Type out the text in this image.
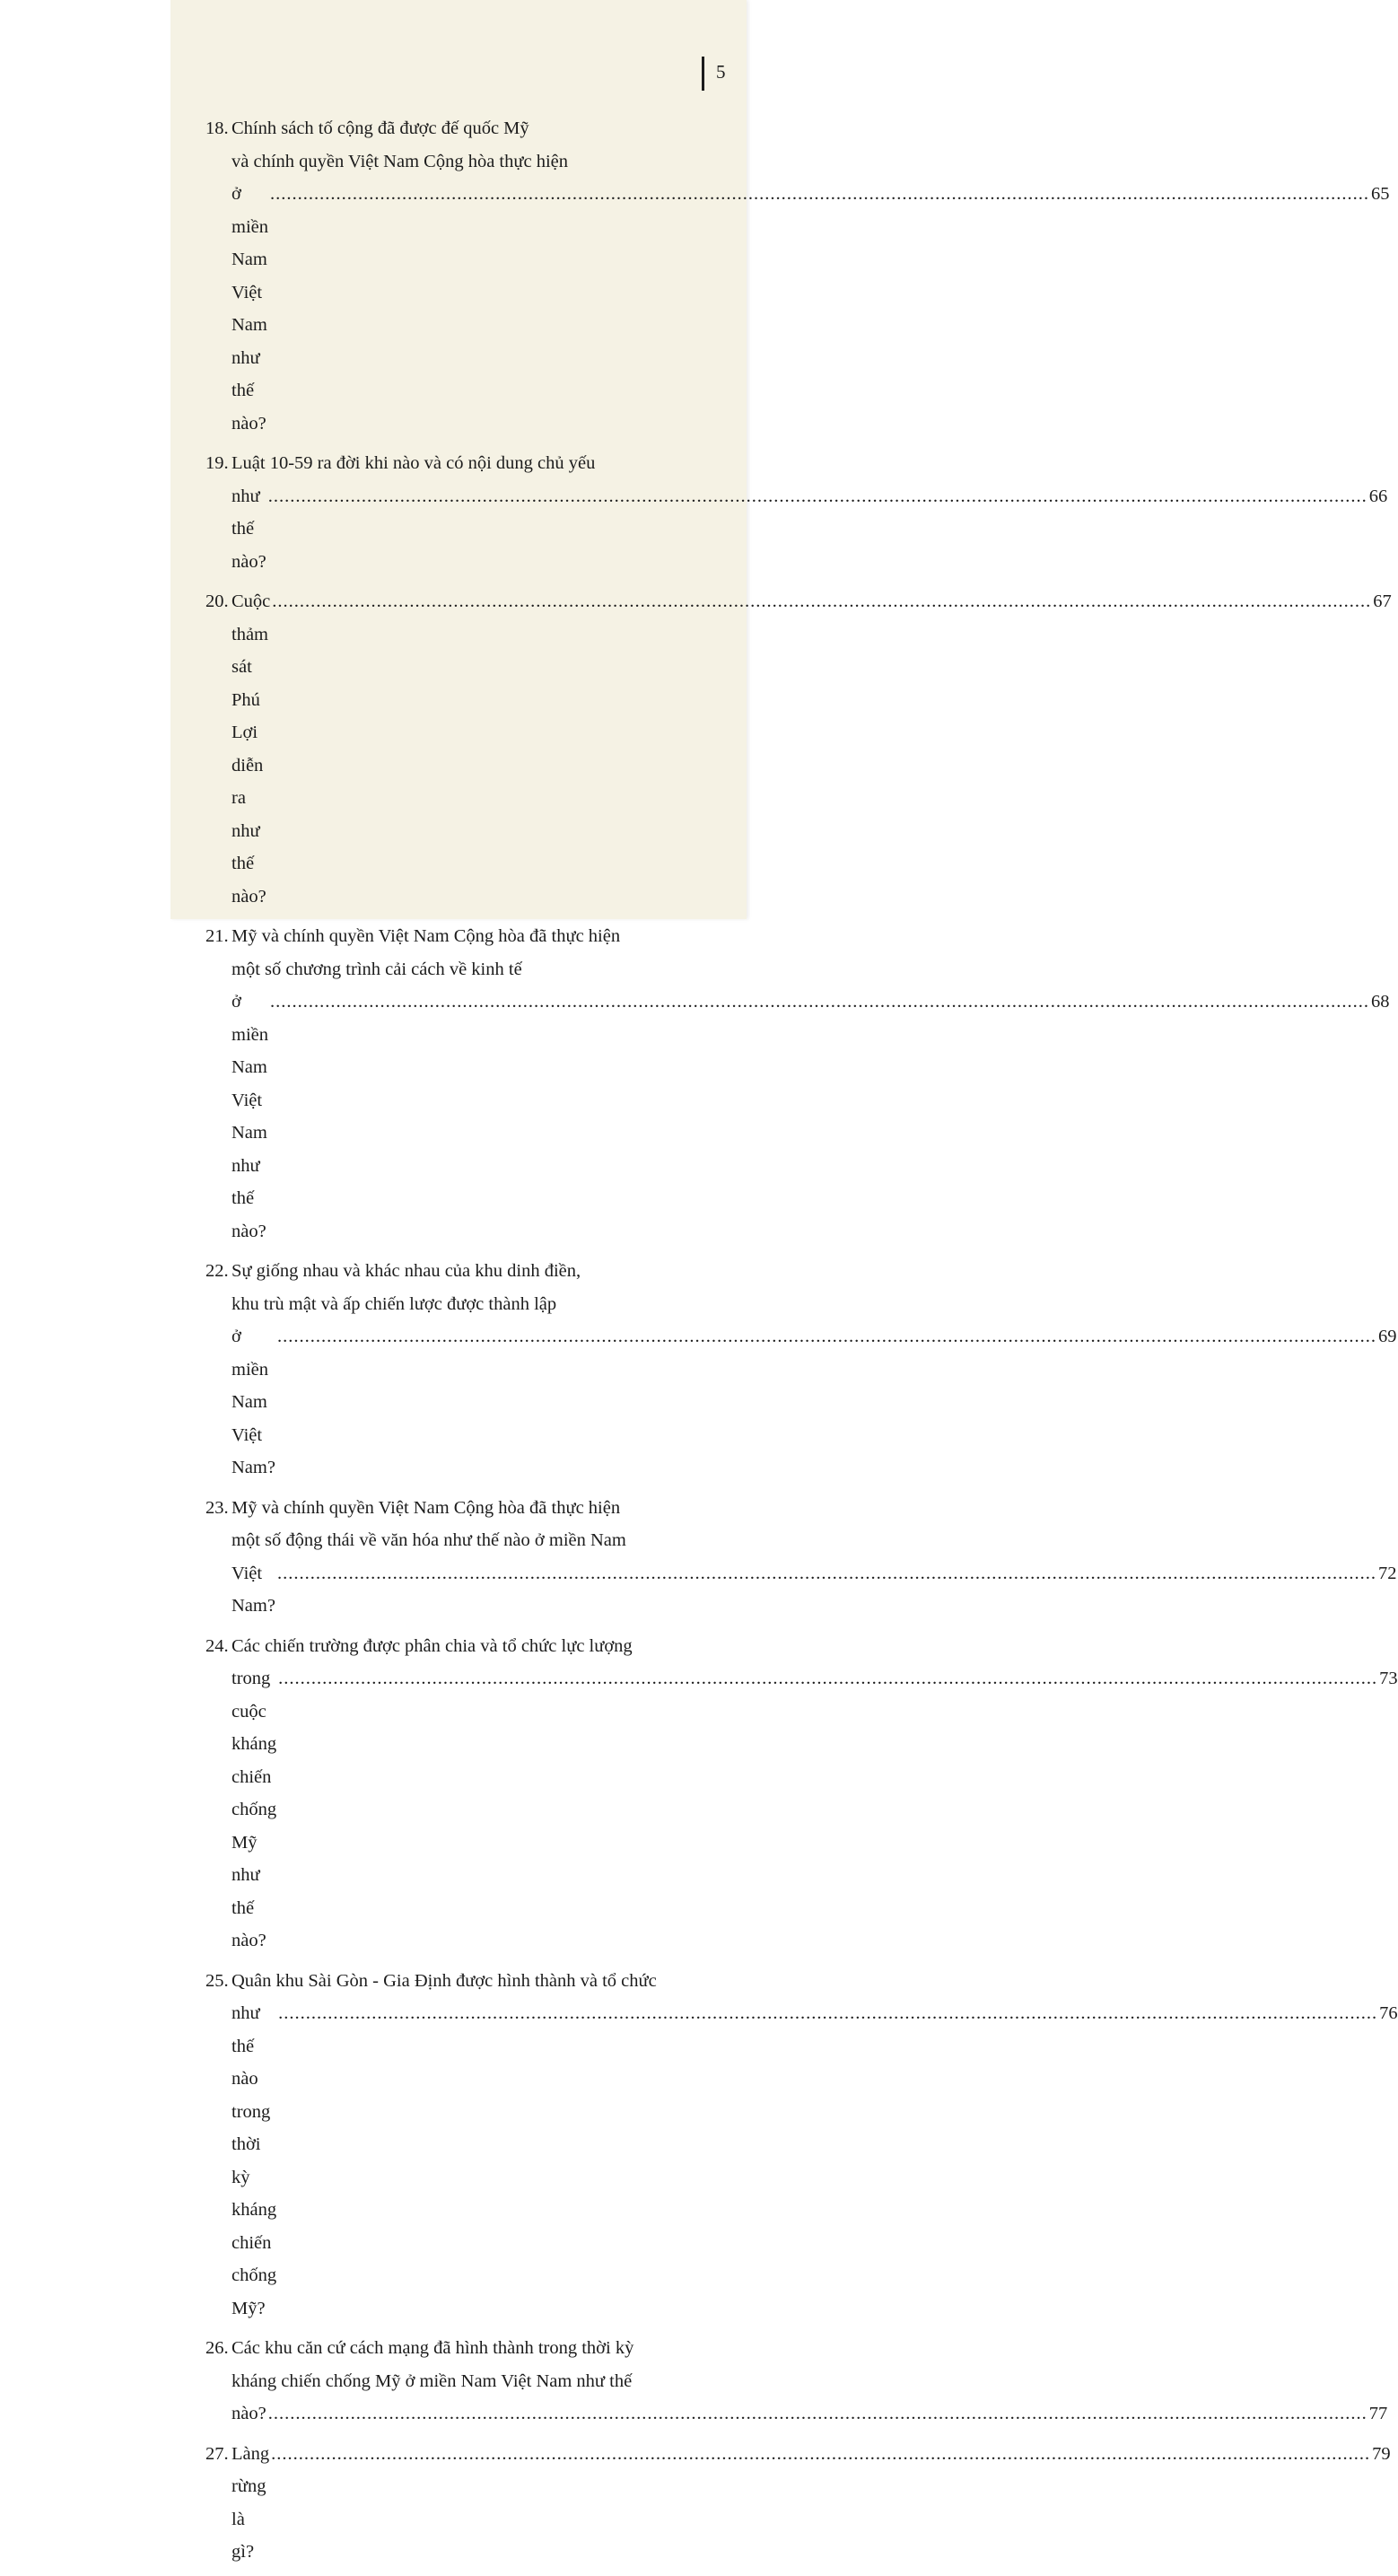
5
18. Chính sách tố cộng đã được đế quốc Mỹ
và chính quyền Việt Nam Cộng hòa thực hiện
ở miền Nam Việt Nam như thế nào?
........................................................................................................................................................................................................ 65
19. Luật 10-59 ra đời khi nào và có nội dung chủ yếu
như thế nào?
........................................................................................................................................................................................................ 66
20. Cuộc thảm sát Phú Lợi diễn ra như thế nào?
........................................................................................................................................................................................................ 67
21. Mỹ và chính quyền Việt Nam Cộng hòa đã thực hiện
một số chương trình cải cách về kinh tế
ở miền Nam Việt Nam như thế nào?
........................................................................................................................................................................................................ 68
22. Sự giống nhau và khác nhau của khu dinh điền,
khu trù mật và ấp chiến lược được thành lập
ở miền Nam Việt Nam?
........................................................................................................................................................................................................ 69
23. Mỹ và chính quyền Việt Nam Cộng hòa đã thực hiện
một số động thái về văn hóa như thế nào ở miền Nam
Việt Nam?
........................................................................................................................................................................................................ 72
24. Các chiến trường được phân chia và tổ chức lực lượng
trong cuộc kháng chiến chống Mỹ như thế nào?
........................................................................................................................................................................................................ 73
25. Quân khu Sài Gòn - Gia Định được hình thành và tổ chức
như thế nào trong thời kỳ kháng chiến chống Mỹ?
........................................................................................................................................................................................................ 76
26. Các khu căn cứ cách mạng đã hình thành trong thời kỳ
kháng chiến chống Mỹ ở miền Nam Việt Nam như thế
nào? ........................................................................................................................................................................................................ 77
27. Làng rừng là gì?
........................................................................................................................................................................................................ 79
